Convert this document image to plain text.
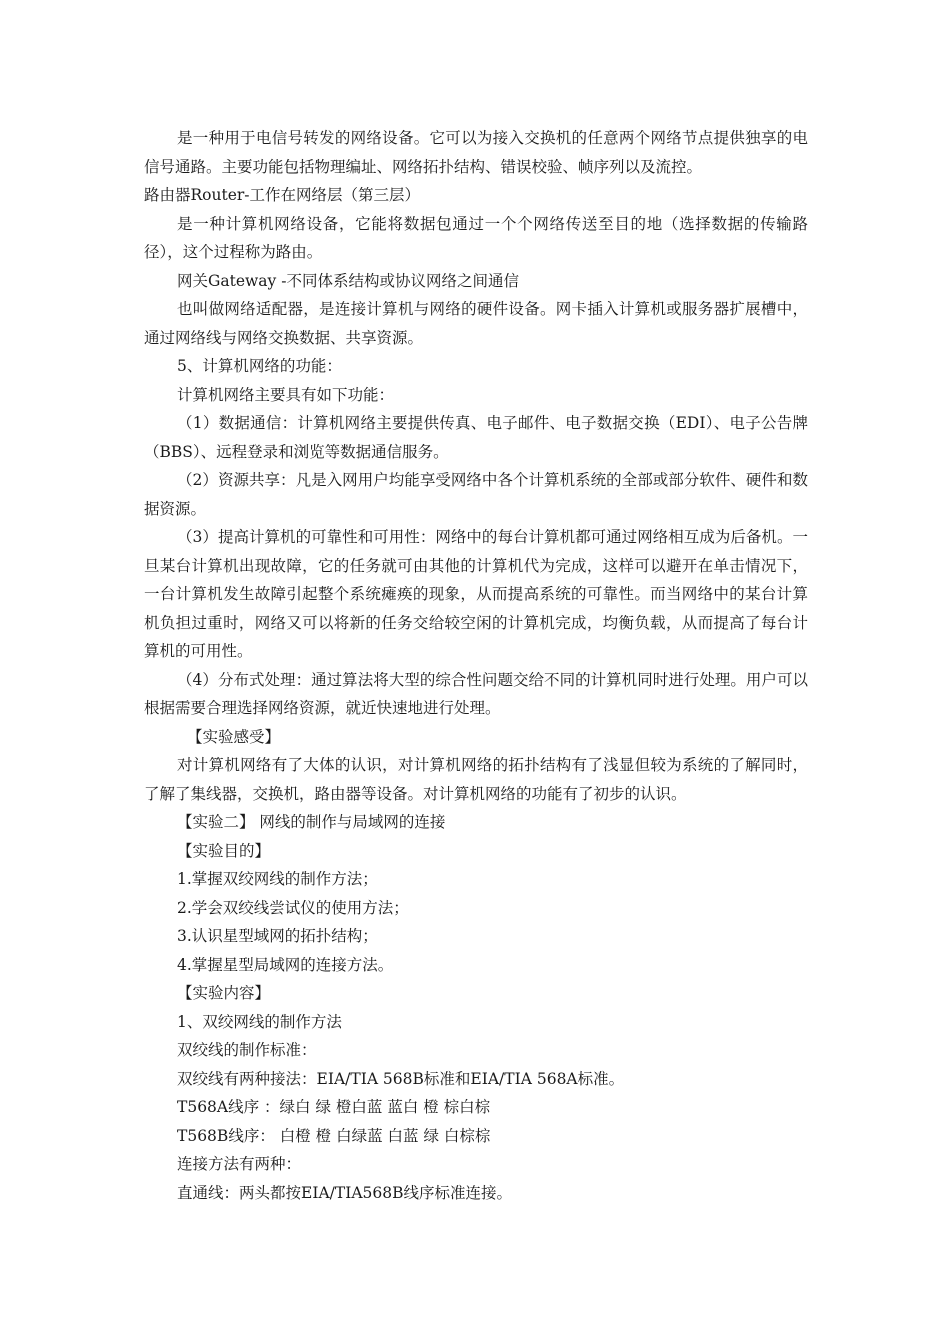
是一种用于电信号转发的网络设备。它可以为接入交换机的任意两个网络节点提供独享的电信号通路。主要功能包括物理编址、网络拓扑结构、错误校验、帧序列以及流控。

路由器Router-工作在网络层（第三层）

是一种计算机网络设备，它能将数据包通过一个个网络传送至目的地（选择数据的传输路径），这个过程称为路由。

网关Gateway -不同体系结构或协议网络之间通信

也叫做网络适配器，是连接计算机与网络的硬件设备。网卡插入计算机或服务器扩展槽中，通过网络线与网络交换数据、共享资源。

5、计算机网络的功能：

计算机网络主要具有如下功能：

（1）数据通信：计算机网络主要提供传真、电子邮件、电子数据交换（EDI）、电子公告牌（BBS）、远程登录和浏览等数据通信服务。

（2）资源共享：凡是入网用户均能享受网络中各个计算机系统的全部或部分软件、硬件和数据资源。

（3）提高计算机的可靠性和可用性：网络中的每台计算机都可通过网络相互成为后备机。一旦某台计算机出现故障，它的任务就可由其他的计算机代为完成，这样可以避开在单击情况下，一台计算机发生故障引起整个系统瘫痪的现象，从而提高系统的可靠性。而当网络中的某台计算机负担过重时，网络又可以将新的任务交给较空闲的计算机完成，均衡负载，从而提高了每台计算机的可用性。

（4）分布式处理：通过算法将大型的综合性问题交给不同的计算机同时进行处理。用户可以根据需要合理选择网络资源，就近快速地进行处理。

【实验感受】

对计算机网络有了大体的认识，对计算机网络的拓扑结构有了浅显但较为系统的了解同时，了解了集线器，交换机，路由器等设备。对计算机网络的功能有了初步的认识。

【实验二】 网线的制作与局域网的连接

【实验目的】

1.掌握双绞网线的制作方法；

2.学会双绞线尝试仪的使用方法；

3.认识星型域网的拓扑结构；

4.掌握星型局域网的连接方法。

【实验内容】

1、双绞网线的制作方法

双绞线的制作标准：

双绞线有两种接法：EIA/TIA 568B标准和EIA/TIA 568A标准。

T568A线序 ：绿白 绿 橙白蓝 蓝白 橙 棕白棕

T568B线序： 白橙 橙 白绿蓝 白蓝 绿 白棕棕

连接方法有两种：

直通线：两头都按EIA/TIA568B线序标准连接。
